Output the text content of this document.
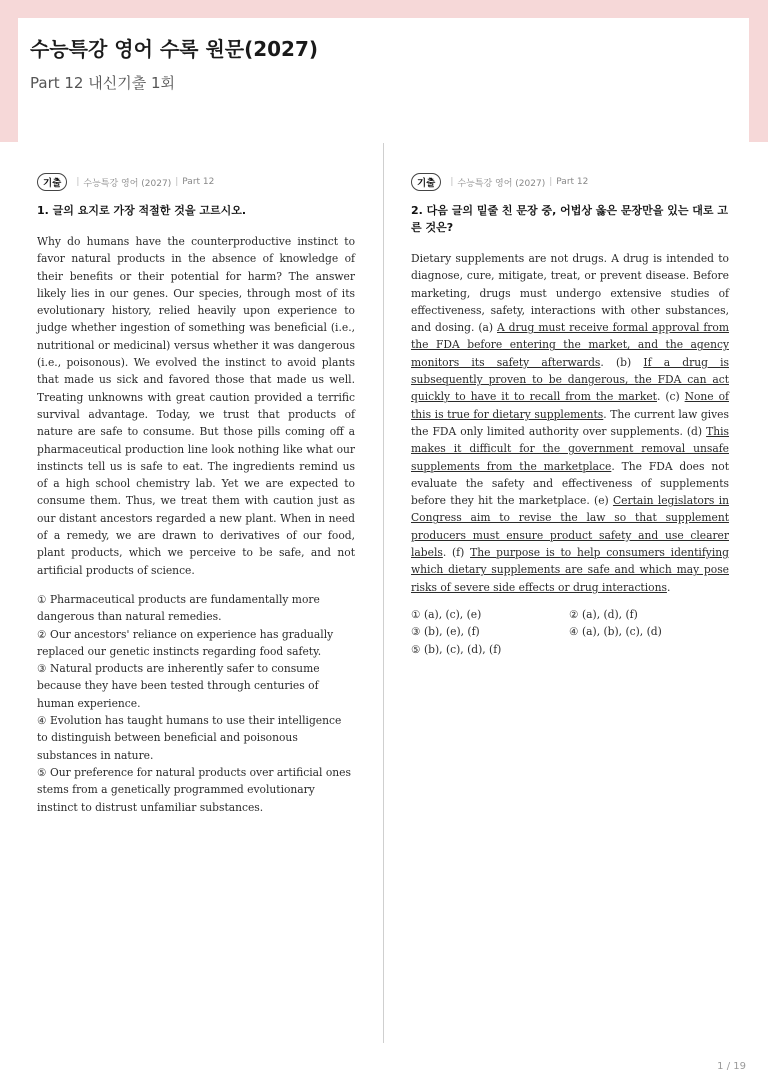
수능특강 영어 수록 원문(2027)
Part 12 내신기출 1회
기출	| 수능특강 영어 (2027) | Part 12
1. 글의 요지로 가장 적절한 것을 고르시오.
Why do humans have the counterproductive instinct to favor natural products in the absence of knowledge of their benefits or their potential for harm? The answer likely lies in our genes. Our species, through most of its evolutionary history, relied heavily upon experience to judge whether ingestion of something was beneficial (i.e., nutritional or medicinal) versus whether it was dangerous (i.e., poisonous). We evolved the instinct to avoid plants that made us sick and favored those that made us well. Treating unknowns with great caution provided a terrific survival advantage. Today, we trust that products of nature are safe to consume. But those pills coming off a pharmaceutical production line look nothing like what our instincts tell us is safe to eat. The ingredients remind us of a high school chemistry lab. Yet we are expected to consume them. Thus, we treat them with caution just as our distant ancestors regarded a new plant. When in need of a remedy, we are drawn to derivatives of our food, plant products, which we perceive to be safe, and not artificial products of science.
① Pharmaceutical products are fundamentally more dangerous than natural remedies.
② Our ancestors' reliance on experience has gradually replaced our genetic instincts regarding food safety.
③ Natural products are inherently safer to consume because they have been tested through centuries of human experience.
④ Evolution has taught humans to use their intelligence to distinguish between beneficial and poisonous substances in nature.
⑤ Our preference for natural products over artificial ones stems from a genetically programmed evolutionary instinct to distrust unfamiliar substances.
기출	| 수능특강 영어 (2027) | Part 12
2. 다음 글의 밑줄 친 문장 중, 어법상 옳은 문장만을 있는 대로 고른 것은?
Dietary supplements are not drugs. A drug is intended to diagnose, cure, mitigate, treat, or prevent disease. Before marketing, drugs must undergo extensive studies of effectiveness, safety, interactions with other substances, and dosing. (a) A drug must receive formal approval from the FDA before entering the market, and the agency monitors its safety afterwards. (b) If a drug is subsequently proven to be dangerous, the FDA can act quickly to have it to recall from the market. (c) None of this is true for dietary supplements. The current law gives the FDA only limited authority over supplements. (d) This makes it difficult for the government removal unsafe supplements from the marketplace. The FDA does not evaluate the safety and effectiveness of supplements before they hit the marketplace. (e) Certain legislators in Congress aim to revise the law so that supplement producers must ensure product safety and use clearer labels. (f) The purpose is to help consumers identifying which dietary supplements are safe and which may pose risks of severe side effects or drug interactions.
① (a), (c), (e)	② (a), (d), (f)
③ (b), (e), (f)	④ (a), (b), (c), (d)
⑤ (b), (c), (d), (f)
1 / 19
